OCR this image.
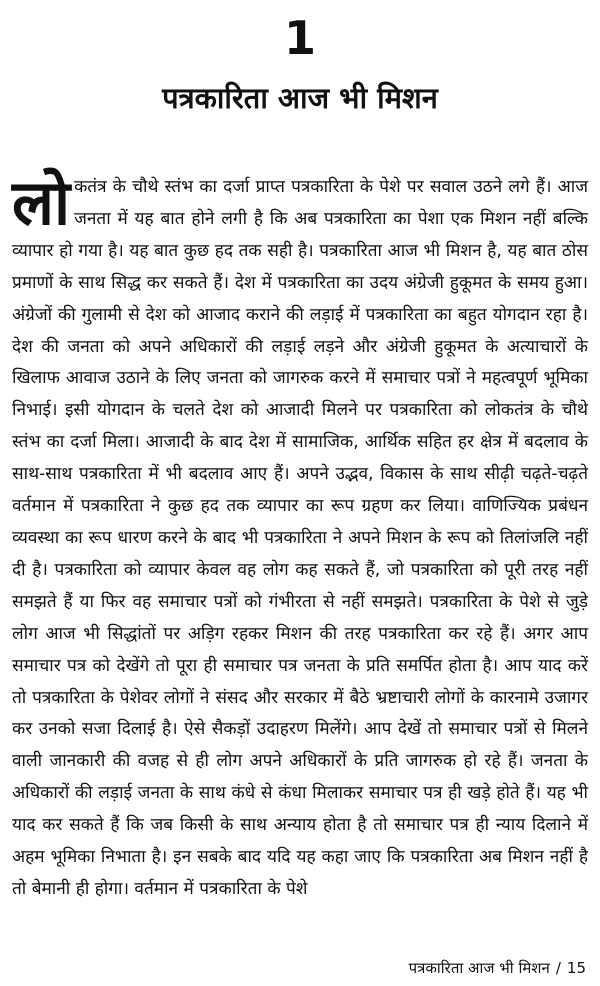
1
पत्रकारिता आज भी मिशन

लोकतंत्र के चौथे स्तंभ का दर्जा प्राप्त पत्रकारिता के पेशे पर सवाल उठने लगे हैं। आज जनता में यह बात होने लगी है कि अब पत्रकारिता का पेशा एक मिशन नहीं बल्कि व्यापार हो गया है। यह बात कुछ हद तक सही है। पत्रकारिता आज भी मिशन है, यह बात ठोस प्रमाणों के साथ सिद्ध कर सकते हैं। देश में पत्रकारिता का उदय अंग्रेजी हुकूमत के समय हुआ। अंग्रेजों की गुलामी से देश को आजाद कराने की लड़ाई में पत्रकारिता का बहुत योगदान रहा है। देश की जनता को अपने अधिकारों की लड़ाई लड़ने और अंग्रेजी हुकूमत के अत्याचारों के खिलाफ आवाज उठाने के लिए जनता को जागरुक करने में समाचार पत्रों ने महत्वपूर्ण भूमिका निभाई। इसी योगदान के चलते देश को आजादी मिलने पर पत्रकारिता को लोकतंत्र के चौथे स्तंभ का दर्जा मिला। आजादी के बाद देश में सामाजिक, आर्थिक सहित हर क्षेत्र में बदलाव के साथ-साथ पत्रकारिता में भी बदलाव आए हैं। अपने उद्भव, विकास के साथ सीढ़ी चढ़ते-चढ़ते वर्तमान में पत्रकारिता ने कुछ हद तक व्यापार का रूप ग्रहण कर लिया। वाणिज्यिक प्रबंधन व्यवस्था का रूप धारण करने के बाद भी पत्रकारिता ने अपने मिशन के रूप को तिलांजलि नहीं दी है। पत्रकारिता को व्यापार केवल वह लोग कह सकते हैं, जो पत्रकारिता को पूरी तरह नहीं समझते हैं या फिर वह समाचार पत्रों को गंभीरता से नहीं समझते। पत्रकारिता के पेशे से जुड़े लोग आज भी सिद्धांतों पर अड़िग रहकर मिशन की तरह पत्रकारिता कर रहे हैं। अगर आप समाचार पत्र को देखेंगे तो पूरा ही समाचार पत्र जनता के प्रति समर्पित होता है। आप याद करें तो पत्रकारिता के पेशेवर लोगों ने संसद और सरकार में बैठे भ्रष्टाचारी लोगों के कारनामे उजागर कर उनको सजा दिलाई है। ऐसे सैकड़ों उदाहरण मिलेंगे। आप देखें तो समाचार पत्रों से मिलने वाली जानकारी की वजह से ही लोग अपने अधिकारों के प्रति जागरुक हो रहे हैं। जनता के अधिकारों की लड़ाई जनता के साथ कंधे से कंधा मिलाकर समाचार पत्र ही खड़े होते हैं। यह भी याद कर सकते हैं कि जब किसी के साथ अन्याय होता है तो समाचार पत्र ही न्याय दिलाने में अहम भूमिका निभाता है। इन सबके बाद यदि यह कहा जाए कि पत्रकारिता अब मिशन नहीं है तो बेमानी ही होगा। वर्तमान में पत्रकारिता के पेशे

पत्रकारिता आज भी मिशन / 15
